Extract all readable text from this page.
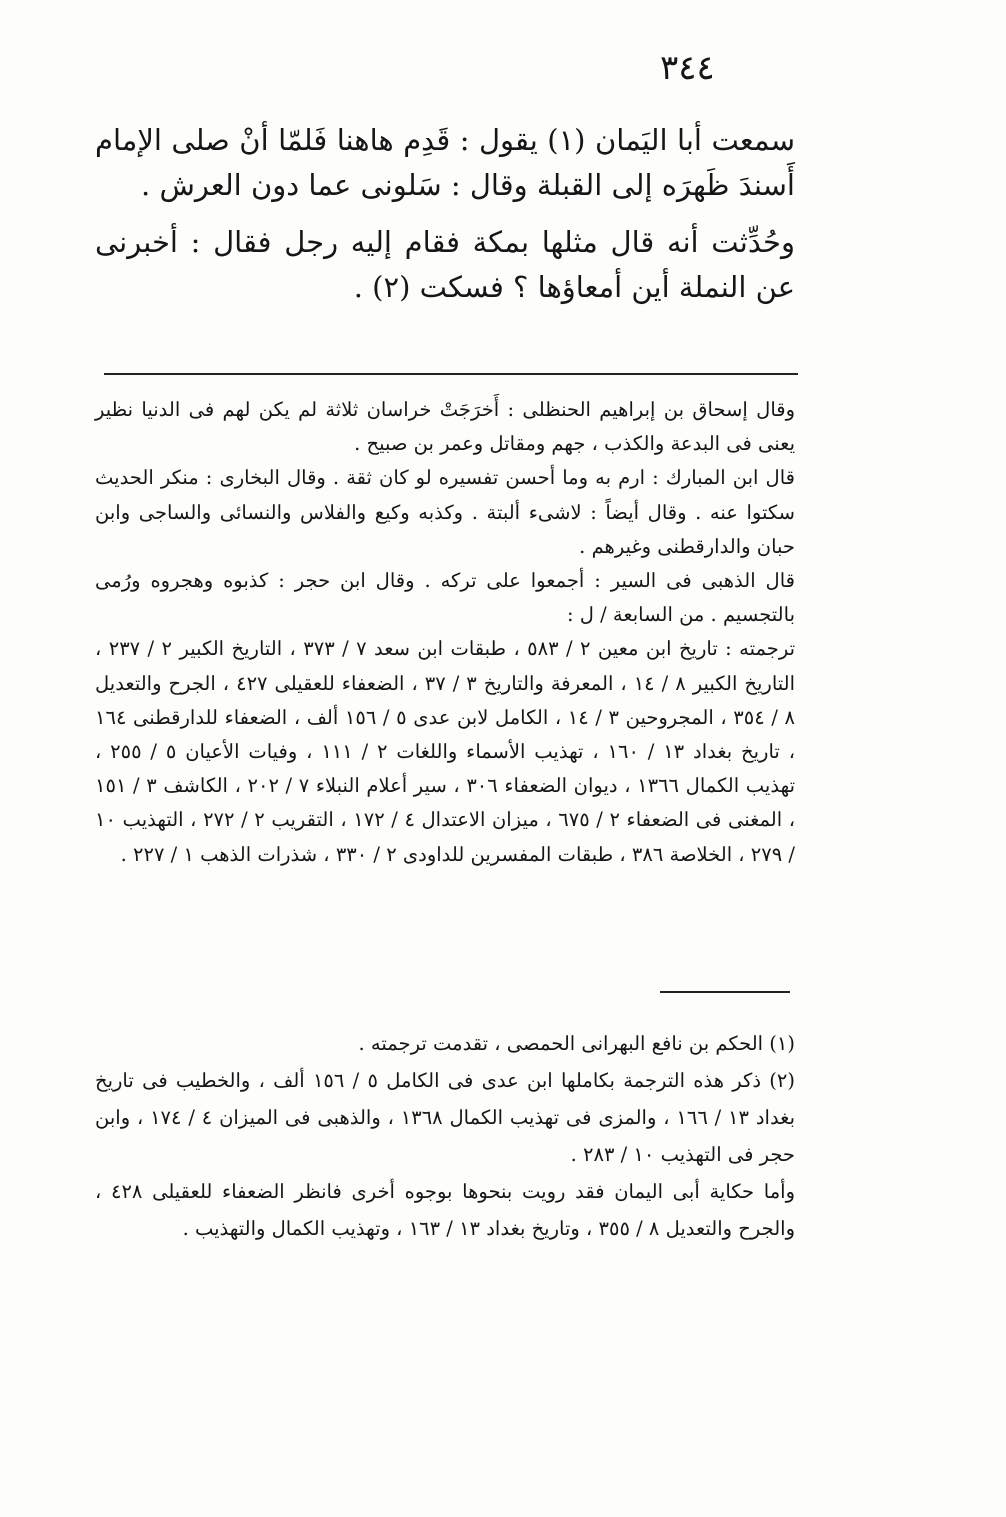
٣٤٤

سمعت أبا اليَمان (١) يقول : قَدِم هاهنا فَلمّا أنْ صلى الإمام أَسندَ ظَهرَه إلى القبلة وقال : سَلونى عما دون العرش .

وحُدِّثت أنه قال مثلها بمكة فقام إليه رجل فقال : أخبرنى عن النملة أين أمعاؤها ؟ فسكت (٢) .

وقال إسحاق بن إبراهيم الحنظلى : أَخرَجَتْ خراسان ثلاثة لم يكن لهم فى الدنيا نظير يعنى فى البدعة والكذب ، جهم ومقاتل وعمر بن صبيح .

قال ابن المبارك : ارم به وما أحسن تفسيره لو كان ثقة . وقال البخارى : منكر الحديث سكتوا عنه . وقال أيضاً : لاشىء ألبتة . وكذبه وكيع والفلاس والنسائى والساجى وابن حبان والدارقطنى وغيرهم .

قال الذهبى فى السير : أجمعوا على تركه . وقال ابن حجر : كذبوه وهجروه ورُمى بالتجسيم . من السابعة / ل :

ترجمته : تاريخ ابن معين ٢ / ٥٨٣ ، طبقات ابن سعد ٧ / ٣٧٣ ، التاريخ الكبير ٢ / ٢٣٧ ، التاريخ الكبير ٨ / ١٤ ، المعرفة والتاريخ ٣ / ٣٧ ، الضعفاء للعقيلى ٤٢٧ ، الجرح والتعديل ٨ / ٣٥٤ ، المجروحين ٣ / ١٤ ، الكامل لابن عدى ٥ / ١٥٦ ألف ، الضعفاء للدارقطنى ١٦٤ ، تاريخ بغداد ١٣ / ١٦٠ ، تهذيب الأسماء واللغات ٢ / ١١١ ، وفيات الأعيان ٥ / ٢٥٥ ، تهذيب الكمال ١٣٦٦ ، ديوان الضعفاء ٣٠٦ ، سير أعلام النبلاء ٧ / ٢٠٢ ، الكاشف ٣ / ١٥١ ، المغنى فى الضعفاء ٢ / ٦٧٥ ، ميزان الاعتدال ٤ / ١٧٢ ، التقريب ٢ / ٢٧٢ ، التهذيب ١٠ / ٢٧٩ ، الخلاصة ٣٨٦ ، طبقات المفسرين للداودى ٢ / ٣٣٠ ، شذرات الذهب ١ / ٢٢٧ .

(١) الحكم بن نافع البهرانى الحمصى ، تقدمت ترجمته .

(٢) ذكر هذه الترجمة بكاملها ابن عدى فى الكامل ٥ / ١٥٦ ألف ، والخطيب فى تاريخ بغداد ١٣ / ١٦٦ ، والمزى فى تهذيب الكمال ١٣٦٨ ، والذهبى فى الميزان ٤ / ١٧٤ ، وابن حجر فى التهذيب ١٠ / ٢٨٣ .

وأما حكاية أبى اليمان فقد رويت بنحوها بوجوه أخرى فانظر الضعفاء للعقيلى ٤٢٨ ، والجرح والتعديل ٨ / ٣٥٥ ، وتاريخ بغداد ١٣ / ١٦٣ ، وتهذيب الكمال والتهذيب .
